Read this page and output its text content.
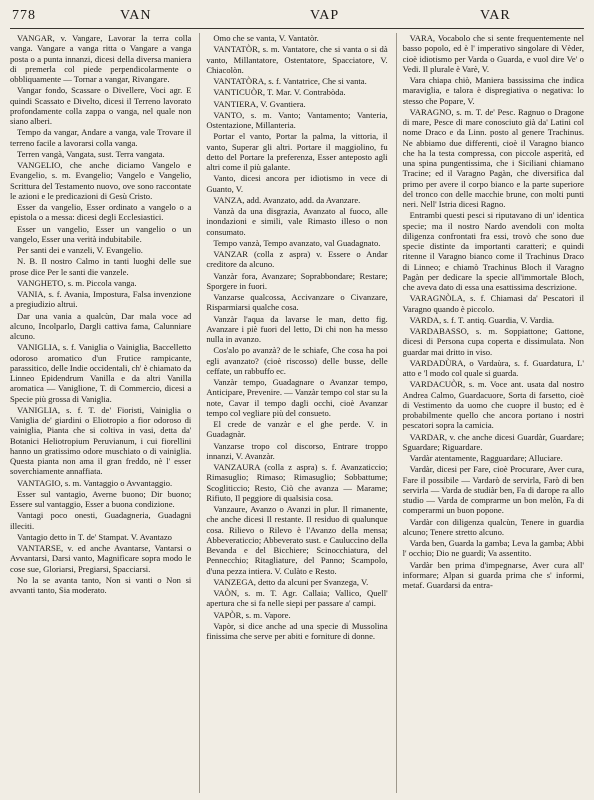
778	VAN	VAP	VAR

VANGAR, v. Vangare, Lavorar la terra colla vanga. Vangare a vanga ritta o Vangare a vanga posta o a punta innanzi, dicesi della diversa maniera di premerla col piede perpendicolarmente o obbliquamente — Tornar a vangar, Rivangare.

Vangar fondo, Scassare o Divellere, Voci agr. E quindi Scassato e Divelto, dicesi il Terreno lavorato profondamente colla zappa o vanga, nel quale non siano alberi.

Tempo da vangar, Andare a vanga, vale Trovare il terreno facile a lavorarsi colla vanga.

Terren vangà, Vangata, sust. Terra vangata.

VANGELIO, che anche diciamo Vangelo e Evangelio, s. m. Evangelio; Vangelo e Vangelio, Scrittura del Testamento nuovo, ove sono raccontate le azioni e le predicazioni di Gesù Cristo.

Esser da vangelio, Esser ordinato a vangelo o a epistola o a messa: dicesi degli Ecclesiastici.

Esser un vangelio, Esser un vangelio o un vangelo, Esser una verità indubitabile.

Per santi dei e vanzeli, V. Evangelio.

N. B. Il nostro Calmo in tanti luoghi delle sue prose dice Per le santi die vanzele.

VANGHETO, s. m. Piccola vanga.

VANIA, s. f. Avania, Impostura, Falsa invenzione a pregiudizio altrui.

Dar una vania a qualcùn, Dar mala voce ad alcuno, Incolparlo, Dargli cattiva fama, Calunniare alcuno.

VANIGLIA, s. f. Vaniglia o Vainiglia, Baccelletto odoroso aromatico d'un Frutice rampicante, parassitico, delle Indie occidentali, ch' è chiamato da Linneo Epidendrum Vanilla e da altri Vanilla aromatica — Vaniglione, T. di Commercio, dicesi a Specie più grossa di Vaniglia.

VANIGLIA, s. f. T. de' Fioristi, Vainiglia o Vaniglia de' giardini o Eliotropio a fior odoroso di vainiglia, Pianta che si coltiva in vasi, detta da' Botanici Heliotropium Peruvianum, i cui fiorellini hanno un gratissimo odore muschiato o di vainiglia. Questa pianta non ama il gran freddo, nè l' esser soverchiamente annaffiata.

VANTAGIO, s. m. Vantaggio o Avvantaggio.

Esser sul vantagio, Averne buono; Dir buono; Essere sul vantaggio, Esser a buona condizione.

Vantagi poco onesti, Guadagneria, Guadagni illeciti.

Vantagio detto in T. de' Stampat. V. Avantazo

VANTARSE, v. ed anche Avantarse, Vantarsi o Avvantarsi, Darsi vanto, Magnificare sopra modo le cose sue, Gloriarsi, Pregiarsi, Spacciarsi.

No la se avanta tanto, Non si vanti o Non si avvanti tanto, Sia moderato.

Omo che se vanta, V. Vantatòr.

VANTATÒR, s. m. Vantatore, che si vanta o si dà vanto, Millantatore, Ostentatore, Spacciatore, V. Chiacolòn.

VANTATÒRA, s. f. Vantatrice, Che si vanta.

VANTICUÒR, T. Mar. V. Contrabòda.

VANTIERA, V. Gvantiera.

VANTO, s. m. Vanto; Vantamento; Vanteria, Ostentazione, Millanteria.

Portar el vanto, Portar la palma, la vittoria, il vanto, Superar gli altri. Portare il maggiolino, fu detto del Portare la preferenza, Esser anteposto agli altri come il più galante.

Vanto, dicesi ancora per idiotismo in vece di Guanto, V.

VANZA, add. Avanzato, add. da Avanzare.

Vanzà da una disgrazia, Avanzato al fuoco, alle inondazioni e simili, vale Rimasto illeso o non consumato.

Tempo vanzà, Tempo avanzato, val Guadagnato.

VANZAR (colla z aspra) v. Essere o Andar creditore da alcuno.

Vanzàr fora, Avanzare; Soprabbondare; Restare; Sporgere in fuori.

Vanzarse qualcossa, Accivanzare o Civanzare, Risparmiarsi qualche cosa.

Vanzàr l'aqua da lavarse le man, detto fig. Avanzare i piè fuori del letto, Di chi non ha messo nulla in avanzo.

Cos'alo po avanzà? de le schiafe, Che cosa ha poi egli avanzato? (cioè riscosso) delle busse, delle ceffate, un rabbuffo ec.

Vanzàr tempo, Guadagnare o Avanzar tempo, Anticipare, Prevenire. — Vanzàr tempo col star su la note, Cavar il tempo dagli occhi, cioè Avanzar tempo col vegliare più del consueto.

El crede de vanzàr e el ghe perde. V. in Guadagnàr.

Vanzarse tropo col discorso, Entrare troppo innanzi, V. Avanzàr.

VANZAURA (colla z aspra) s. f. Avanzaticcio; Rimasuglio; Rimaso; Rimasuglio; Sobbattume; Scogliticcio; Resto, Ciò che avanza — Marame; Rifiuto, Il peggiore di qualsisia cosa.

Vanzaure, Avanzo o Avanzi in plur. Il rimanente, che anche dicesi Il restante. Il residuo di qualunque cosa. Rilievo o Rilevo è l'Avanzo della mensa; Abbeveraticcio; Abbeverato sust. e Cauluccino della Bevanda e del Bicchiere; Scinocchiatura, del Pennecchio; Ritagliature, del Panno; Scampolo, d'una pezza intiera. V. Culàto e Resto.

VANZEGA, detto da alcuni per Svanzega, V.

VAÒN, s. m. T. Agr. Callaia; Vallico, Quell' apertura che si fa nelle siepi per passare a' campi.

VAPÒR, s. m. Vapore.

Vapòr, si dice anche ad una specie di Mussolina finissima che serve per abiti e forniture di donne.

VARA, Vocabolo che si sente frequentemente nel basso popolo, ed è l' imperativo singolare di Vèder, cioè idiotismo per Varda o Guarda, e vuol dire Ve' o Vedi. Il plurale è Varè, V.

Vara chiapa chiò, Maniera bassissima che indica maraviglia, e talora è dispregiativa o negativa: lo stesso che Popare, V.

VARAGNO, s. m. T. de' Pesc. Ragnuo o Dragone di mare, Pesce di mare conosciuto già da' Latini col nome Draco e da Linn. posto al genere Trachinus. Ne abbiamo due differenti, cioè il Varagno bianco che ha la testa compressa, con piccole asperità, ed una spina pungentissima, che i Siciliani chiamano Tracine; ed il Varagno Pagàn, che diversifica dal primo per avere il corpo bianco e la parte superiore del tronco con delle macchie brune, con molti punti neri. Nell' Istria dicesi Ragno.

Entrambi questi pesci si riputavano di un' identica specie; ma il nostro Nardo avendoli con molta diligenza confrontati fra essi, trovò che sono due specie distinte da importanti caratteri; e quindi ritenne il Varagno bianco come il Trachinus Draco di Linneo; e chiamò Trachinus Bloch il Varagno Pagàn per dedicare la specie all'immortale Bloch, che aveva dato di essa una esattissima descrizione.

VARAGNÒLA, s. f. Chiamasi da' Pescatori il Varagno quando è piccolo.

VARDA, s. f. T. antiq. Guardia, V. Vardia.

VARDABASSO, s. m. Soppiattone; Gattone, dicesi di Persona cupa coperta e dissimulata. Non guardar mai dritto in viso.

VARDADÙRA, o Vardaùra, s. f. Guardatura, L' atto e 'l modo col quale si guarda.

VARDACUÒR, s. m. Voce ant. usata dal nostro Andrea Calmo, Guardacuore, Sorta di farsetto, cioè di Vestimento da uomo che cuopre il busto; ed è probabilmente quello che ancora portano i nostri pescatori sopra la camicia.

VARDAR, v. che anche dicesi Guardàr, Guardare; Sguardare; Riguardare.

Vardàr atentamente, Ragguardare; Alluciare.

Vardàr, dicesi per Fare, cioè Procurare, Aver cura, Fare il possibile — Vardarò de servirla, Farò di ben servirla — Varda de studiàr ben, Fa di darope ra allo studio — Varda de comprarme un bon melòn, Fa di comperarmi un buon popone.

Vardàr con diligenza qualcùn, Tenere in guardia alcuno; Tenere stretto alcuno.

Varda ben, Guarda la gamba; Leva la gamba; Abbi l' occhio; Dio ne guardi; Va assentito.

Vardàr ben prima d'impegnarse, Aver cura all' informare; Alpan si guarda prima che s' informi, metaf. Guardarsi da entra-
